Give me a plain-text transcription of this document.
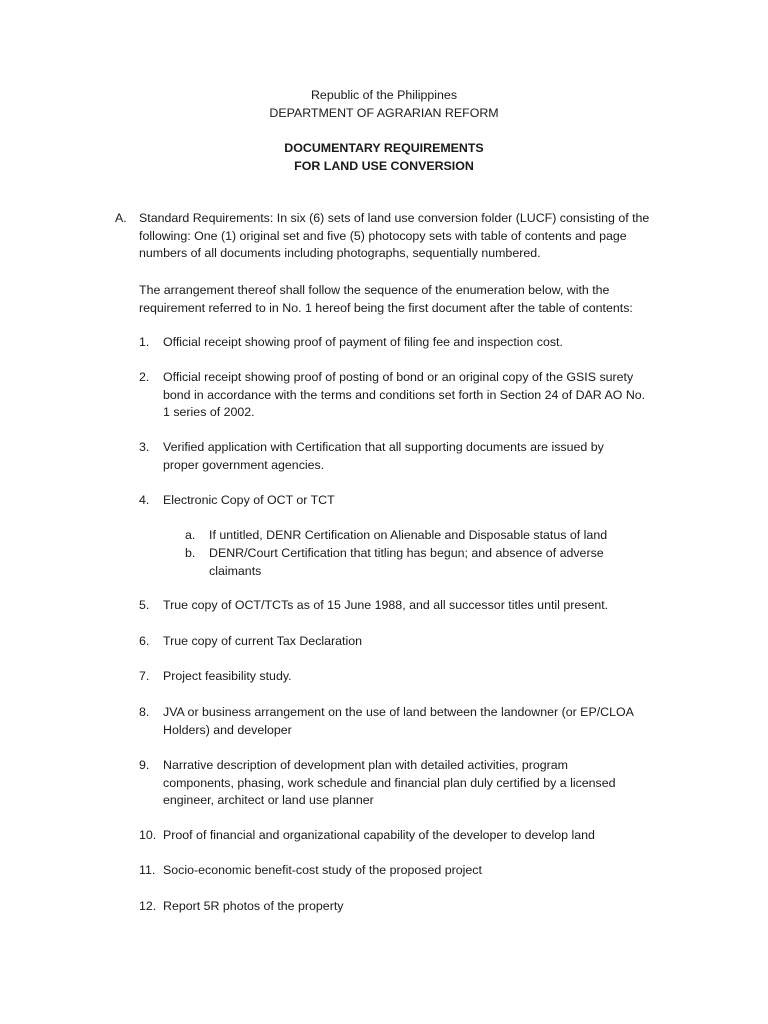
Republic of the Philippines
DEPARTMENT OF AGRARIAN REFORM
DOCUMENTARY REQUIREMENTS
FOR LAND USE CONVERSION
A. Standard Requirements: In six (6) sets of land use conversion folder (LUCF) consisting of the
following: One (1) original set and five (5) photocopy sets with table of contents and page
numbers of all documents including photographs, sequentially numbered.
The arrangement thereof shall follow the sequence of the enumeration below, with the
requirement referred to in No. 1 hereof being the first document after the table of contents:
1.	Official receipt showing proof of payment of filing fee and inspection cost.
2.	Official receipt showing proof of posting of bond or an original copy of the GSIS surety
bond in accordance with the terms and conditions set forth in Section 24 of DAR AO No.
1 series of 2002.
3.	Verified application with Certification that all supporting documents are issued by
proper government agencies.
4.	Electronic Copy of OCT or TCT
5.	True copy of OCT/TCTs as of 15 June 1988, and all successor titles until present.
6.	True copy of current Tax Declaration
7.	Project feasibility study.
8.	JVA or business arrangement on the use of land between the landowner (or EP/CLOA
Holders) and developer
9.	Narrative description of development plan with detailed activities, program
components, phasing, work schedule and financial plan duly certified by a licensed
engineer, architect or land use planner
10. Proof of financial and organizational capability of the developer to develop land
11. Socio-economic benefit-cost study of the proposed project
12. Report 5R photos of the property
a.	If untitled, DENR Certification on Alienable and Disposable status of land
b.	DENR/Court Certification that titling has begun; and absence of adverse
claimants
